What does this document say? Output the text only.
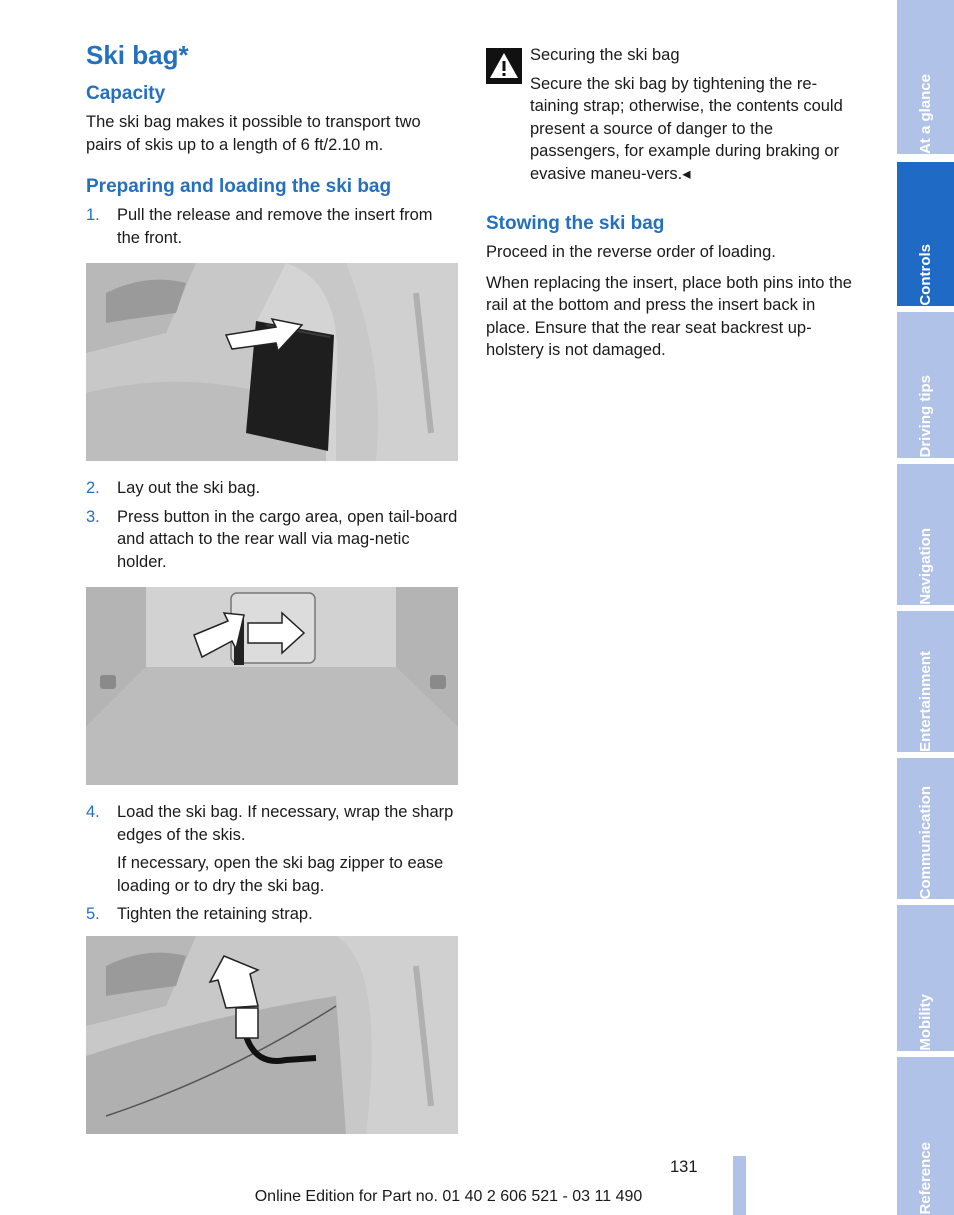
Ski bag*
Capacity

The ski bag makes it possible to transport two pairs of skis up to a length of 6 ft/2.10 m.

Preparing and loading the ski bag
1. Pull the release and remove the insert from the front.
2. Lay out the ski bag.
3. Press button in the cargo area, open tail-board and attach to the rear wall via mag-netic holder.
4. Load the ski bag. If necessary, wrap the sharp edges of the skis.
If necessary, open the ski bag zipper to ease loading or to dry the ski bag.
5. Tighten the retaining strap.
Securing the ski bag
Secure the ski bag by tightening the re-taining strap; otherwise, the contents could present a source of danger to the passengers, for example during braking or evasive maneu-vers.◂
Stowing the ski bag

Proceed in the reverse order of loading.

When replacing the insert, place both pins into the rail at the bottom and press the insert back in place. Ensure that the rear seat backrest up-holstery is not damaged.

At a glance
Controls
Driving tips
Navigation
Entertainment
Communication
Mobility
Reference
131
Online Edition for Part no. 01 40 2 606 521 - 03 11 490
